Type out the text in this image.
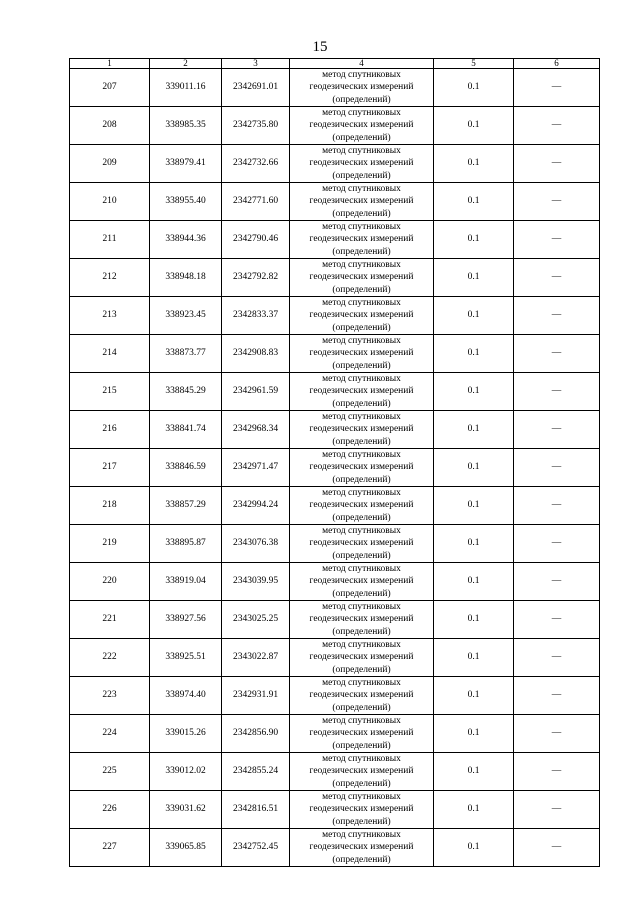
15
1	2	3	4	5	6
207	339011.16	2342691.01	метод спутниковых
геодезических измерений
(определений)	0.1	—
208	338985.35	2342735.80	метод спутниковых
геодезических измерений
(определений)	0.1	—
209	338979.41	2342732.66	метод спутниковых
геодезических измерений
(определений)	0.1	—
210	338955.40	2342771.60	метод спутниковых
геодезических измерений
(определений)	0.1	—
211	338944.36	2342790.46	метод спутниковых
геодезических измерений
(определений)	0.1	—
212	338948.18	2342792.82	метод спутниковых
геодезических измерений
(определений)	0.1	—
213	338923.45	2342833.37	метод спутниковых
геодезических измерений
(определений)	0.1	—
214	338873.77	2342908.83	метод спутниковых
геодезических измерений
(определений)	0.1	—
215	338845.29	2342961.59	метод спутниковых
геодезических измерений
(определений)	0.1	—
216	338841.74	2342968.34	метод спутниковых
геодезических измерений
(определений)	0.1	—
217	338846.59	2342971.47	метод спутниковых
геодезических измерений
(определений)	0.1	—
218	338857.29	2342994.24	метод спутниковых
геодезических измерений
(определений)	0.1	—
219	338895.87	2343076.38	метод спутниковых
геодезических измерений
(определений)	0.1	—
220	338919.04	2343039.95	метод спутниковых
геодезических измерений
(определений)	0.1	—
221	338927.56	2343025.25	метод спутниковых
геодезических измерений
(определений)	0.1	—
222	338925.51	2343022.87	метод спутниковых
геодезических измерений
(определений)	0.1	—
223	338974.40	2342931.91	метод спутниковых
геодезических измерений
(определений)	0.1	—
224	339015.26	2342856.90	метод спутниковых
геодезических измерений
(определений)	0.1	—
225	339012.02	2342855.24	метод спутниковых
геодезических измерений
(определений)	0.1	—
226	339031.62	2342816.51	метод спутниковых
геодезических измерений
(определений)	0.1	—
227	339065.85	2342752.45	метод спутниковых
геодезических измерений
(определений)	0.1	—
